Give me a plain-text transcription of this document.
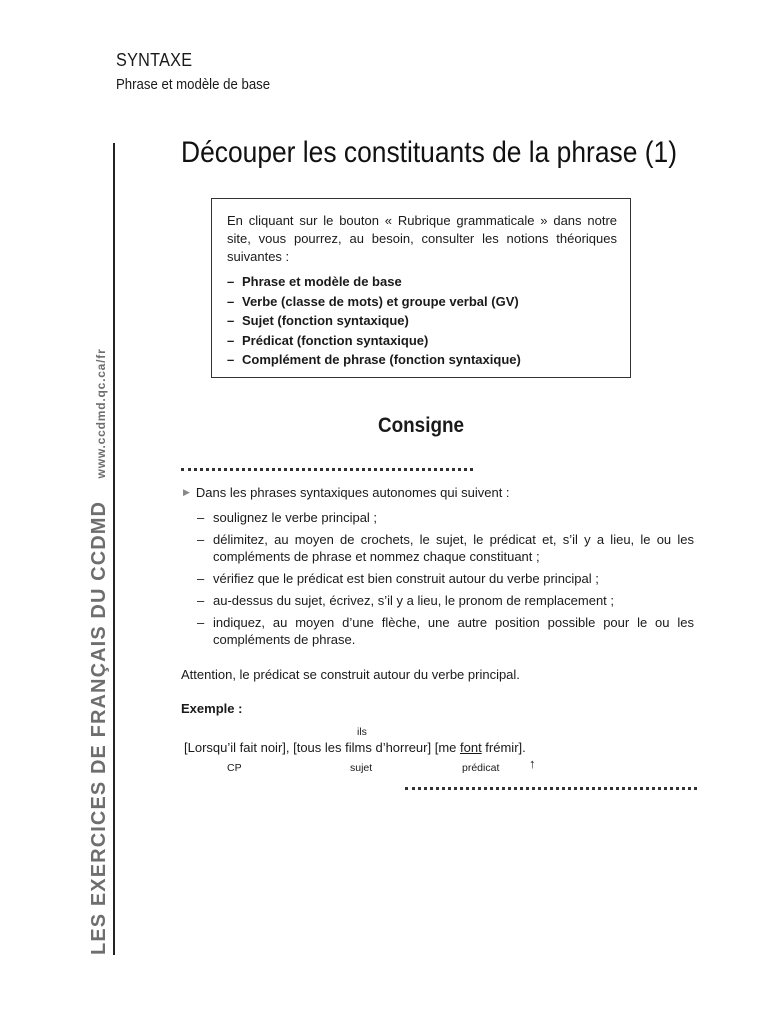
SYNTAXE
Phrase et modèle de base
LES EXERCICES DE FRANÇAIS DU CCDMD www.ccdmd.qc.ca/fr
Découper les constituants de la phrase (1)
En cliquant sur le bouton « Rubrique grammaticale » dans notre site, vous pourrez, au besoin, consulter les notions théoriques suivantes :
– Phrase et modèle de base
– Verbe (classe de mots) et groupe verbal (GV)
– Sujet (fonction syntaxique)
– Prédicat (fonction syntaxique)
– Complément de phrase (fonction syntaxique)
Consigne
▶ Dans les phrases syntaxiques autonomes qui suivent :
– soulignez le verbe principal ;
– délimitez, au moyen de crochets, le sujet, le prédicat et, s’il y a lieu, le ou les compléments de phrase et nommez chaque constituant ;
– vérifiez que le prédicat est bien construit autour du verbe principal ;
– au-dessus du sujet, écrivez, s’il y a lieu, le pronom de remplacement ;
– indiquez, au moyen d’une flèche, une autre position possible pour le ou les compléments de phrase.
Attention, le prédicat se construit autour du verbe principal.
Exemple :
ils
[Lorsqu’il fait noir], [tous les films d’horreur] [me font frémir].
CP	sujet	prédicat ↑
